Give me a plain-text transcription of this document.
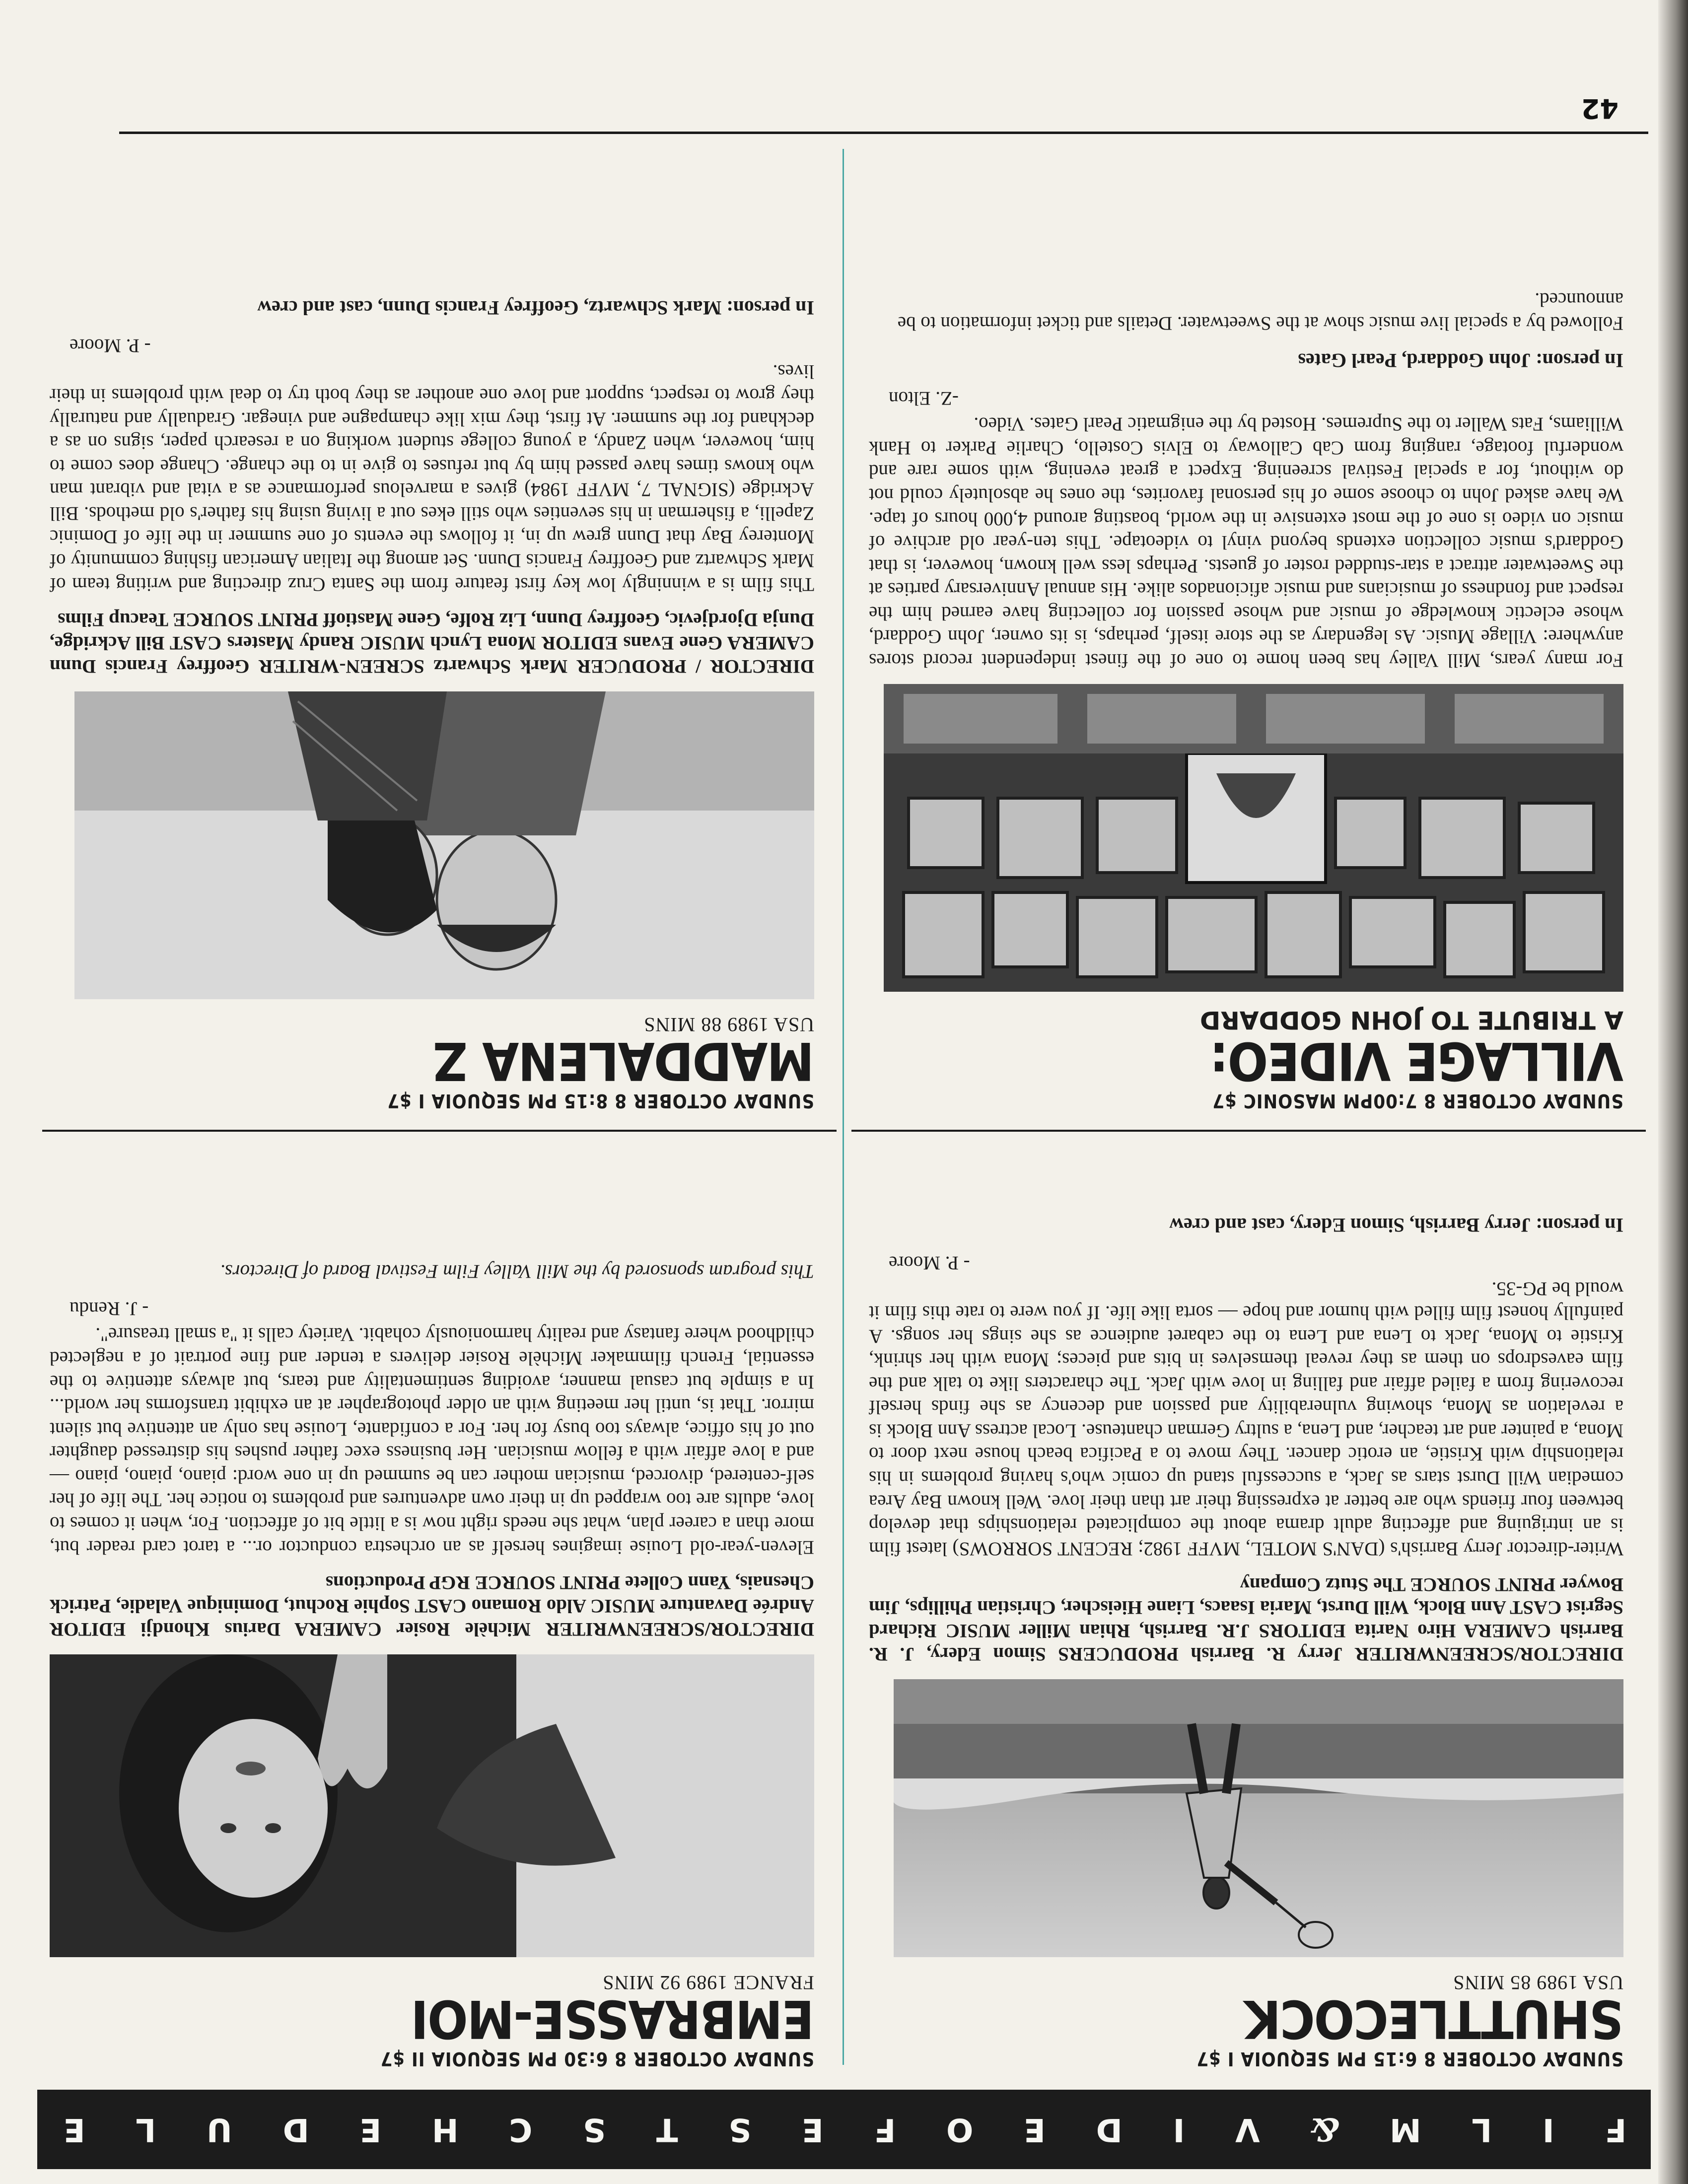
F
I
L
M
&
V
I
D
E
O
F
E
S
T
S
C
H
E
D
U
L
E

SUNDAY OCTOBER 8 6:15 PM SEQUOIA I $7

SHUTTLECOCK

USA 1989 85 MINS

DIRECTOR/SCREENWRITER Jerry R. Barrish PRODUCERS Simon Edery, J. R. Barrish CAMERA Hiro Narita EDITORS J.R. Barrish, Rhian Miller MUSIC Richard Segrist CAST Ann Block, Will Durst, Maria Isaacs, Liane Hieischer, Christian Phillips, Jim Bowyer PRINT SOURCE The Stutz Company

Writer-director Jerry Barrish's (DAN'S MOTEL, MVFF 1982; RECENT SORROWS) latest film is an intriguing and affecting adult drama about the complicated relationships that develop between four friends who are better at expressing their art than their love. Well known Bay Area comedian Will Durst stars as Jack, a successful stand up comic who's having problems in his relationship with Kristie, an erotic dancer. They move to a Pacifica beach house next door to Mona, a painter and art teacher, and Lena, a sultry German chanteuse. Local actress Ann Block is a revelation as Mona, showing vulnerability and passion and decency as she finds herself recovering from a failed affair and falling in love with Jack. The characters like to talk and the film eavesdrops on them as they reveal themselves in bits and pieces; Mona with her shrink, Kristie to Mona, Jack to Lena and Lena to the cabaret audience as she sings her songs. A painfully honest film filled with humor and hope — sorta like life. If you were to rate this film it would be PG-35.

- P. Moore

In person: Jerry Barrish, Simon Edery, cast and crew

SUNDAY OCTOBER 8 6:30 PM SEQUOIA II $7

EMBRASSE-MOI

FRANCE 1989 92 MINS

DIRECTOR/SCREENWRITER Michèle Rosier CAMERA Darius Khondji EDITOR Andrée Davanture MUSIC Aldo Romano CAST Sophie Rochut, Dominique Valadie, Patrick Chesnais, Yann Collete PRINT SOURCE RGP Productions

Eleven-year-old Louise imagines herself as an orchestra conductor or... a tarot card reader but, more than a career plan, what she needs right now is a little bit of affection. For, when it comes to love, adults are too wrapped up in their own adventures and problems to notice her. The life of her self-centered, divorced, musician mother can be summed up in one word: piano, piano, piano — and a love affair with a fellow musician. Her business exec father pushes his distressed daughter out of his office, always too busy for her. For a confidante, Louise has only an attentive but silent mirror. That is, until her meeting with an older photographer at an exhibit transforms her world... In a simple but casual manner, avoiding sentimentality and tears, but always attentive to the essential, French filmmaker Michèle Rosier delivers a tender and fine portrait of a neglected childhood where fantasy and reality harmoniously cohabit. Variety calls it "a small treasure".

- J. Rendu

This program sponsored by the Mill Valley Film Festival Board of Directors.

SUNDAY OCTOBER 8 7:00PM MASONIC $7

VILLAGE VIDEO:

A TRIBUTE TO JOHN GODDARD

For many years, Mill Valley has been home to one of the finest independent record stores anywhere: Village Music. As legendary as the store itself, perhaps, is its owner, John Goddard, whose eclectic knowledge of music and whose passion for collecting have earned him the respect and fondness of musicians and music aficionados alike. His annual Anniversary parties at the Sweetwater attract a star-studded roster of guests. Perhaps less well known, however, is that Goddard's music collection extends beyond vinyl to videotape. This ten-year old archive of music on video is one of the most extensive in the world, boasting around 4,000 hours of tape. We have asked John to choose some of his personal favorites, the ones he absolutely could not do without, for a special Festival screening. Expect a great evening, with some rare and wonderful footage, ranging from Cab Calloway to Elvis Costello, Charlie Parker to Hank Williams, Fats Waller to the Supremes. Hosted by the enigmatic Pearl Gates. Video.

-Z. Elton

In person: John Goddard, Pearl Gates

Followed by a special live music show at the Sweetwater. Details and ticket information to be announced.

SUNDAY OCTOBER 8 8:15 PM SEQUOIA I $7

MADDALENA Z

USA 1989 88 MINS

DIRECTOR / PRODUCER Mark Schwartz SCREEN-WRITER Geoffrey Francis Dunn CAMERA Gene Evans EDITOR Mona Lynch MUSIC Randy Masters CAST Bill Ackridge, Dunja Djordjevic, Geoffrey Dunn, Liz Rolfe, Gene Mastioff PRINT SOURCE Teacup Films

This film is a winningly low key first feature from the Santa Cruz directing and writing team of Mark Schwartz and Geoffrey Francis Dunn. Set among the Italian American fishing community of Monterey Bay that Dunn grew up in, it follows the events of one summer in the life of Dominic Zapelli, a fisherman in his seventies who still ekes out a living using his father's old methods. Bill Ackridge (SIGNAL 7, MVFF 1984) gives a marvelous performance as a vital and vibrant man who knows times have passed him by but refuses to give in to the change. Change does come to him, however, when Zandy, a young college student working on a research paper, signs on as a deckhand for the summer. At first, they mix like champagne and vinegar. Gradually and naturally they grow to respect, support and love one another as they both try to deal with problems in their lives.

- P. Moore

In person: Mark Schwartz, Geoffrey Francis Dunn, cast and crew

42
